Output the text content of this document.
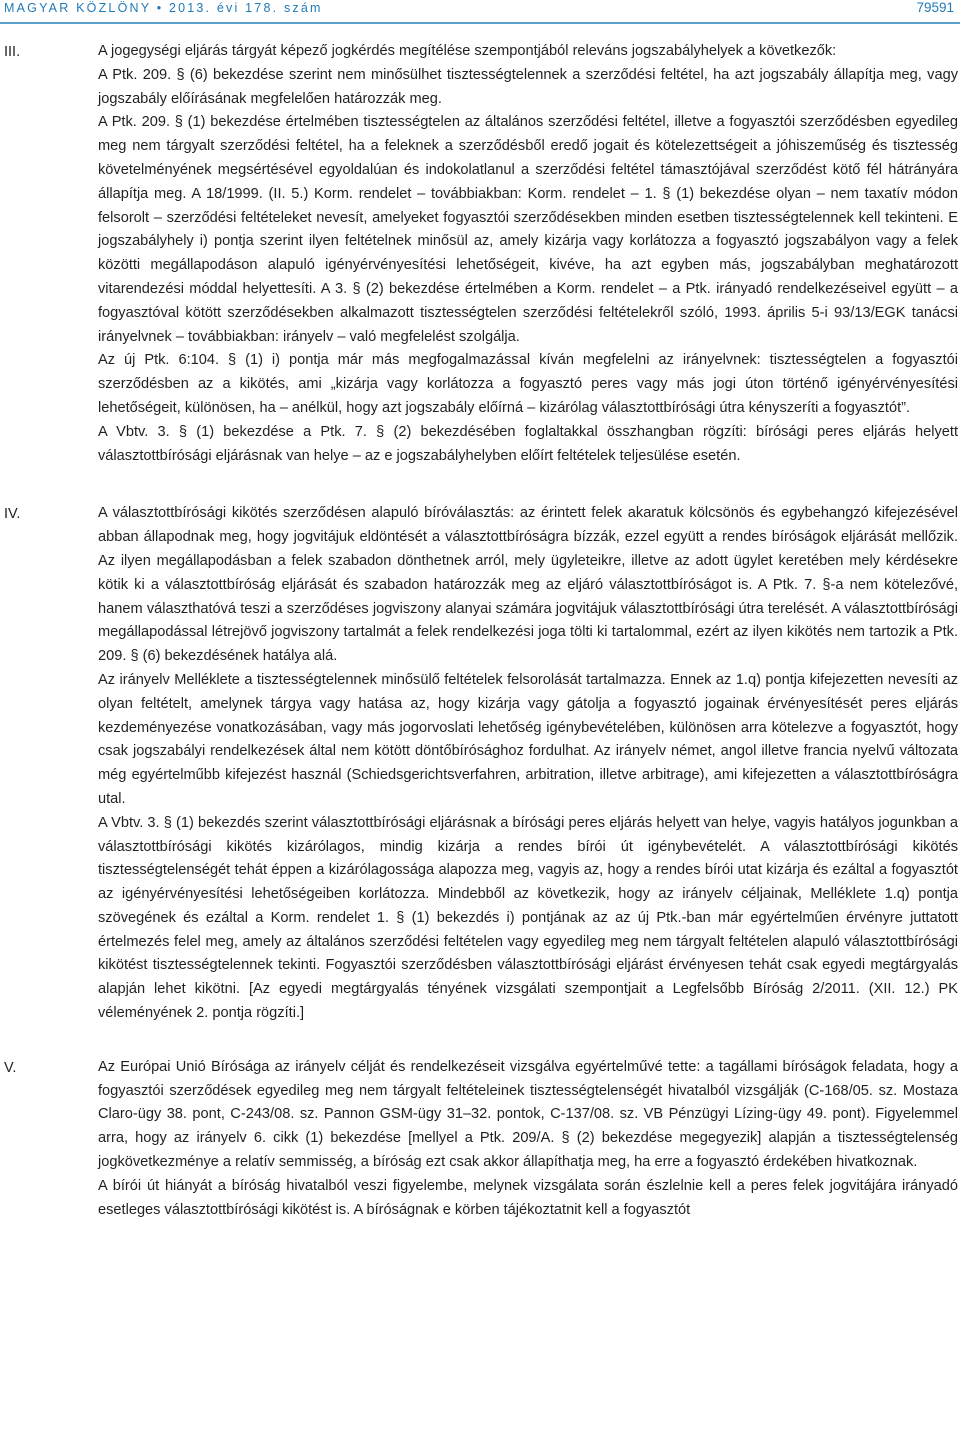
MAGYAR KÖZLÖNY • 2013. évi 178. szám	79591
III.	A jogegységi eljárás tárgyát képező jogkérdés megítélése szempontjából releváns jogszabályhelyek a következők:

A Ptk. 209. § (6) bekezdése szerint nem minősülhet tisztességtelennek a szerződési feltétel, ha azt jogszabály állapítja meg, vagy jogszabály előírásának megfelelően határozzák meg.

A Ptk. 209. § (1) bekezdése értelmében tisztességtelen az általános szerződési feltétel, illetve a fogyasztói szerződésben egyedileg meg nem tárgyalt szerződési feltétel, ha a feleknek a szerződésből eredő jogait és kötelezettségeit a jóhiszeműség és tisztesség követelményének megsértésével egyoldalúan és indokolatlanul a szerződési feltétel támasztójával szerződést kötő fél hátrányára állapítja meg. A 18/1999. (II. 5.) Korm. rendelet – továbbiakban: Korm. rendelet – 1. § (1) bekezdése olyan – nem taxatív módon felsorolt – szerződési feltételeket nevesít, amelyeket fogyasztói szerződésekben minden esetben tisztességtelennek kell tekinteni. E jogszabályhely i) pontja szerint ilyen feltételnek minősül az, amely kizárja vagy korlátozza a fogyasztó jogszabályon vagy a felek közötti megállapodáson alapuló igényérvényesítési lehetőségeit, kivéve, ha azt egyben más, jogszabályban meghatározott vitarendezési móddal helyettesíti. A 3. § (2) bekezdése értelmében a Korm. rendelet – a Ptk. irányadó rendelkezéseivel együtt – a fogyasztóval kötött szerződésekben alkalmazott tisztességtelen szerződési feltételekről szóló, 1993. április 5-i 93/13/EGK tanácsi irányelvnek – továbbiakban: irányelv – való megfelelést szolgálja.

Az új Ptk. 6:104. § (1) i) pontja már más megfogalmazással kíván megfelelni az irányelvnek: tisztességtelen a fogyasztói szerződésben az a kikötés, ami „kizárja vagy korlátozza a fogyasztó peres vagy más jogi úton történő igényérvényesítési lehetőségeit, különösen, ha – anélkül, hogy azt jogszabály előírná – kizárólag választottbírósági útra kényszeríti a fogyasztót”.

A Vbtv. 3. § (1) bekezdése a Ptk. 7. § (2) bekezdésében foglaltakkal összhangban rögzíti: bírósági peres eljárás helyett választottbírósági eljárásnak van helye – az e jogszabályhelyben előírt feltételek teljesülése esetén.

IV.	A választottbírósági kikötés szerződésen alapuló bíróválasztás: az érintett felek akaratuk kölcsönös és egybehangzó kifejezésével abban állapodnak meg, hogy jogvitájuk eldöntését a választottbíróságra bízzák, ezzel együtt a rendes bíróságok eljárását mellőzik. Az ilyen megállapodásban a felek szabadon dönthetnek arról, mely ügyleteikre, illetve az adott ügylet keretében mely kérdésekre kötik ki a választottbíróság eljárását és szabadon határozzák meg az eljáró választottbíróságot is. A Ptk. 7. §-a nem kötelezővé, hanem választhatóvá teszi a szerződéses jogviszony alanyai számára jogvitájuk választottbírósági útra terelését. A választottbírósági megállapodással létrejövő jogviszony tartalmát a felek rendelkezési joga tölti ki tartalommal, ezért az ilyen kikötés nem tartozik a Ptk. 209. § (6) bekezdésének hatálya alá.

Az irányelv Melléklete a tisztességtelennek minősülő feltételek felsorolását tartalmazza. Ennek az 1.q) pontja kifejezetten nevesíti az olyan feltételt, amelynek tárgya vagy hatása az, hogy kizárja vagy gátolja a fogyasztó jogainak érvényesítését peres eljárás kezdeményezése vonatkozásában, vagy más jogorvoslati lehetőség igénybevételében, különösen arra kötelezve a fogyasztót, hogy csak jogszabályi rendelkezések által nem kötött döntőbírósághoz fordulhat. Az irányelv német, angol illetve francia nyelvű változata még egyértelműbb kifejezést használ (Schiedsgerichtsverfahren, arbitration, illetve arbitrage), ami kifejezetten a választottbíróságra utal.

A Vbtv. 3. § (1) bekezdés szerint választottbírósági eljárásnak a bírósági peres eljárás helyett van helye, vagyis hatályos jogunkban a választottbírósági kikötés kizárólagos, mindig kizárja a rendes bírói út igénybevételét. A választottbírósági kikötés tisztességtelenségét tehát éppen a kizárólagossága alapozza meg, vagyis az, hogy a rendes bírói utat kizárja és ezáltal a fogyasztót az igényérvényesítési lehetőségeiben korlátozza. Mindebből az következik, hogy az irányelv céljainak, Melléklete 1.q) pontja szövegének és ezáltal a Korm. rendelet 1. § (1) bekezdés i) pontjának az az új Ptk.-ban már egyértelműen érvényre juttatott értelmezés felel meg, amely az általános szerződési feltételen vagy egyedileg meg nem tárgyalt feltételen alapuló választottbírósági kikötést tisztességtelennek tekinti. Fogyasztói szerződésben választottbírósági eljárást érvényesen tehát csak egyedi megtárgyalás alapján lehet kikötni. [Az egyedi megtárgyalás tényének vizsgálati szempontjait a Legfelsőbb Bíróság 2/2011. (XII. 12.) PK véleményének 2. pontja rögzíti.]

V.	Az Európai Unió Bírósága az irányelv célját és rendelkezéseit vizsgálva egyértelművé tette: a tagállami bíróságok feladata, hogy a fogyasztói szerződések egyedileg meg nem tárgyalt feltételeinek tisztességtelenségét hivatalból vizsgálják (C-168/05. sz. Mostaza Claro-ügy 38. pont, C-243/08. sz. Pannon GSM-ügy 31–32. pontok, C-137/08. sz. VB Pénzügyi Lízing-ügy 49. pont). Figyelemmel arra, hogy az irányelv 6. cikk (1) bekezdése [mellyel a Ptk. 209/A. § (2) bekezdése megegyezik] alapján a tisztességtelenség jogkövetkezménye a relatív semmisség, a bíróság ezt csak akkor állapíthatja meg, ha erre a fogyasztó érdekében hivatkoznak.

A bírói út hiányát a bíróság hivatalból veszi figyelembe, melynek vizsgálata során észlelnie kell a peres felek jogvitájára irányadó esetleges választottbírósági kikötést is. A bíróságnak e körben tájékoztatnit kell a fogyasztót
